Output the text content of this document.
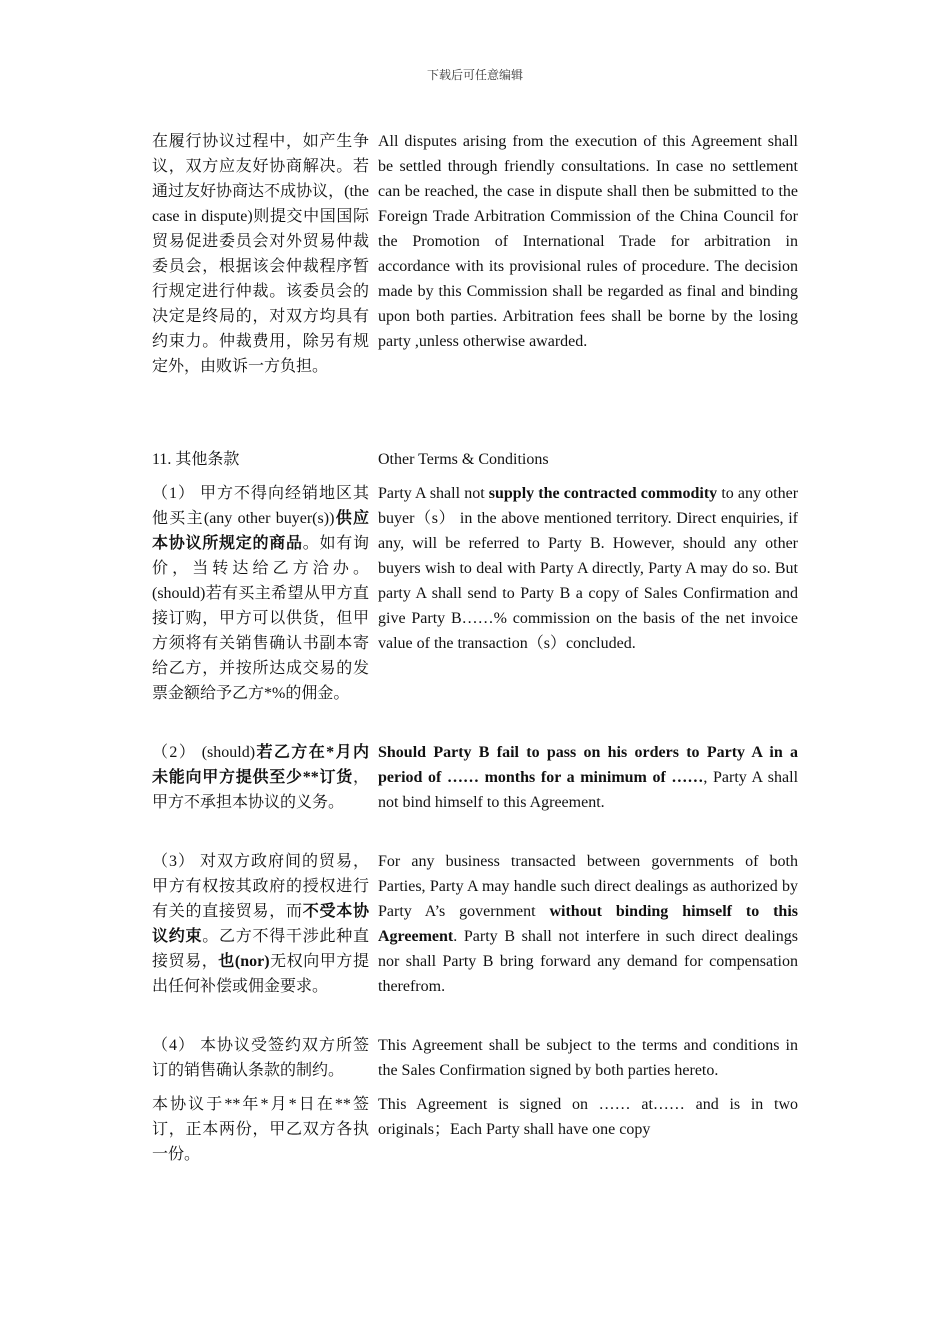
下载后可任意编辑
在履行协议过程中，如产生争议，双方应友好协商解决。若通过友好协商达不成协议，(the case in dispute)则提交中国国际贸易促进委员会对外贸易仲裁委员会，根据该会仲裁程序暂行规定进行仲裁。该委员会的决定是终局的，对双方均具有约束力。仲裁费用，除另有规定外，由败诉一方负担。
All disputes arising from the execution of this Agreement shall be settled through friendly consultations. In case no settlement can be reached, the case in dispute shall then be submitted to the Foreign Trade Arbitration Commission of the China Council for the Promotion of International Trade for arbitration in accordance with its provisional rules of procedure. The decision made by this Commission shall be regarded as final and binding upon both parties. Arbitration fees shall be borne by the losing party ,unless otherwise awarded.
11. 其他条款	Other Terms & Conditions
（1） 甲方不得向经销地区其他买主(any other buyer(s))供应本协议所规定的商品。如有询价，当转达给乙方洽办。(should)若有买主希望从甲方直接订购，甲方可以供货，但甲方须将有关销售确认书副本寄给乙方，并按所达成交易的发票金额给予乙方*%的佣金。
Party A shall not supply the contracted commodity to any other buyer（s） in the above mentioned territory. Direct enquiries, if any, will be referred to Party B. However, should any other buyers wish to deal with Party A directly, Party A may do so. But party A shall send to Party B a copy of Sales Confirmation and give Party B……% commission on the basis of the net invoice value of the transaction（s）concluded.
（2） (should)若乙方在*月内未能向甲方提供至少**订货，甲方不承担本协议的义务。
Should Party B fail to pass on his orders to Party A in a period of …… months for a minimum of ……, Party A shall not bind himself to this Agreement.
（3） 对双方政府间的贸易，甲方有权按其政府的授权进行有关的直接贸易，而不受本协议约束。乙方不得干涉此种直接贸易，也(nor)无权向甲方提出任何补偿或佣金要求。
For any business transacted between governments of both Parties, Party A may handle such direct dealings as authorized by Party A’s government without binding himself to this Agreement. Party B shall not interfere in such direct dealings nor shall Party B bring forward any demand for compensation therefrom.
（4） 本协议受签约双方所签订的销售确认条款的制约。
This Agreement shall be subject to the terms and conditions in the Sales Confirmation signed by both parties hereto.
本协议于**年*月*日在**签订，正本两份，甲乙双方各执一份。
This Agreement is signed on …… at…… and is in two originals；Each Party shall have one copy
